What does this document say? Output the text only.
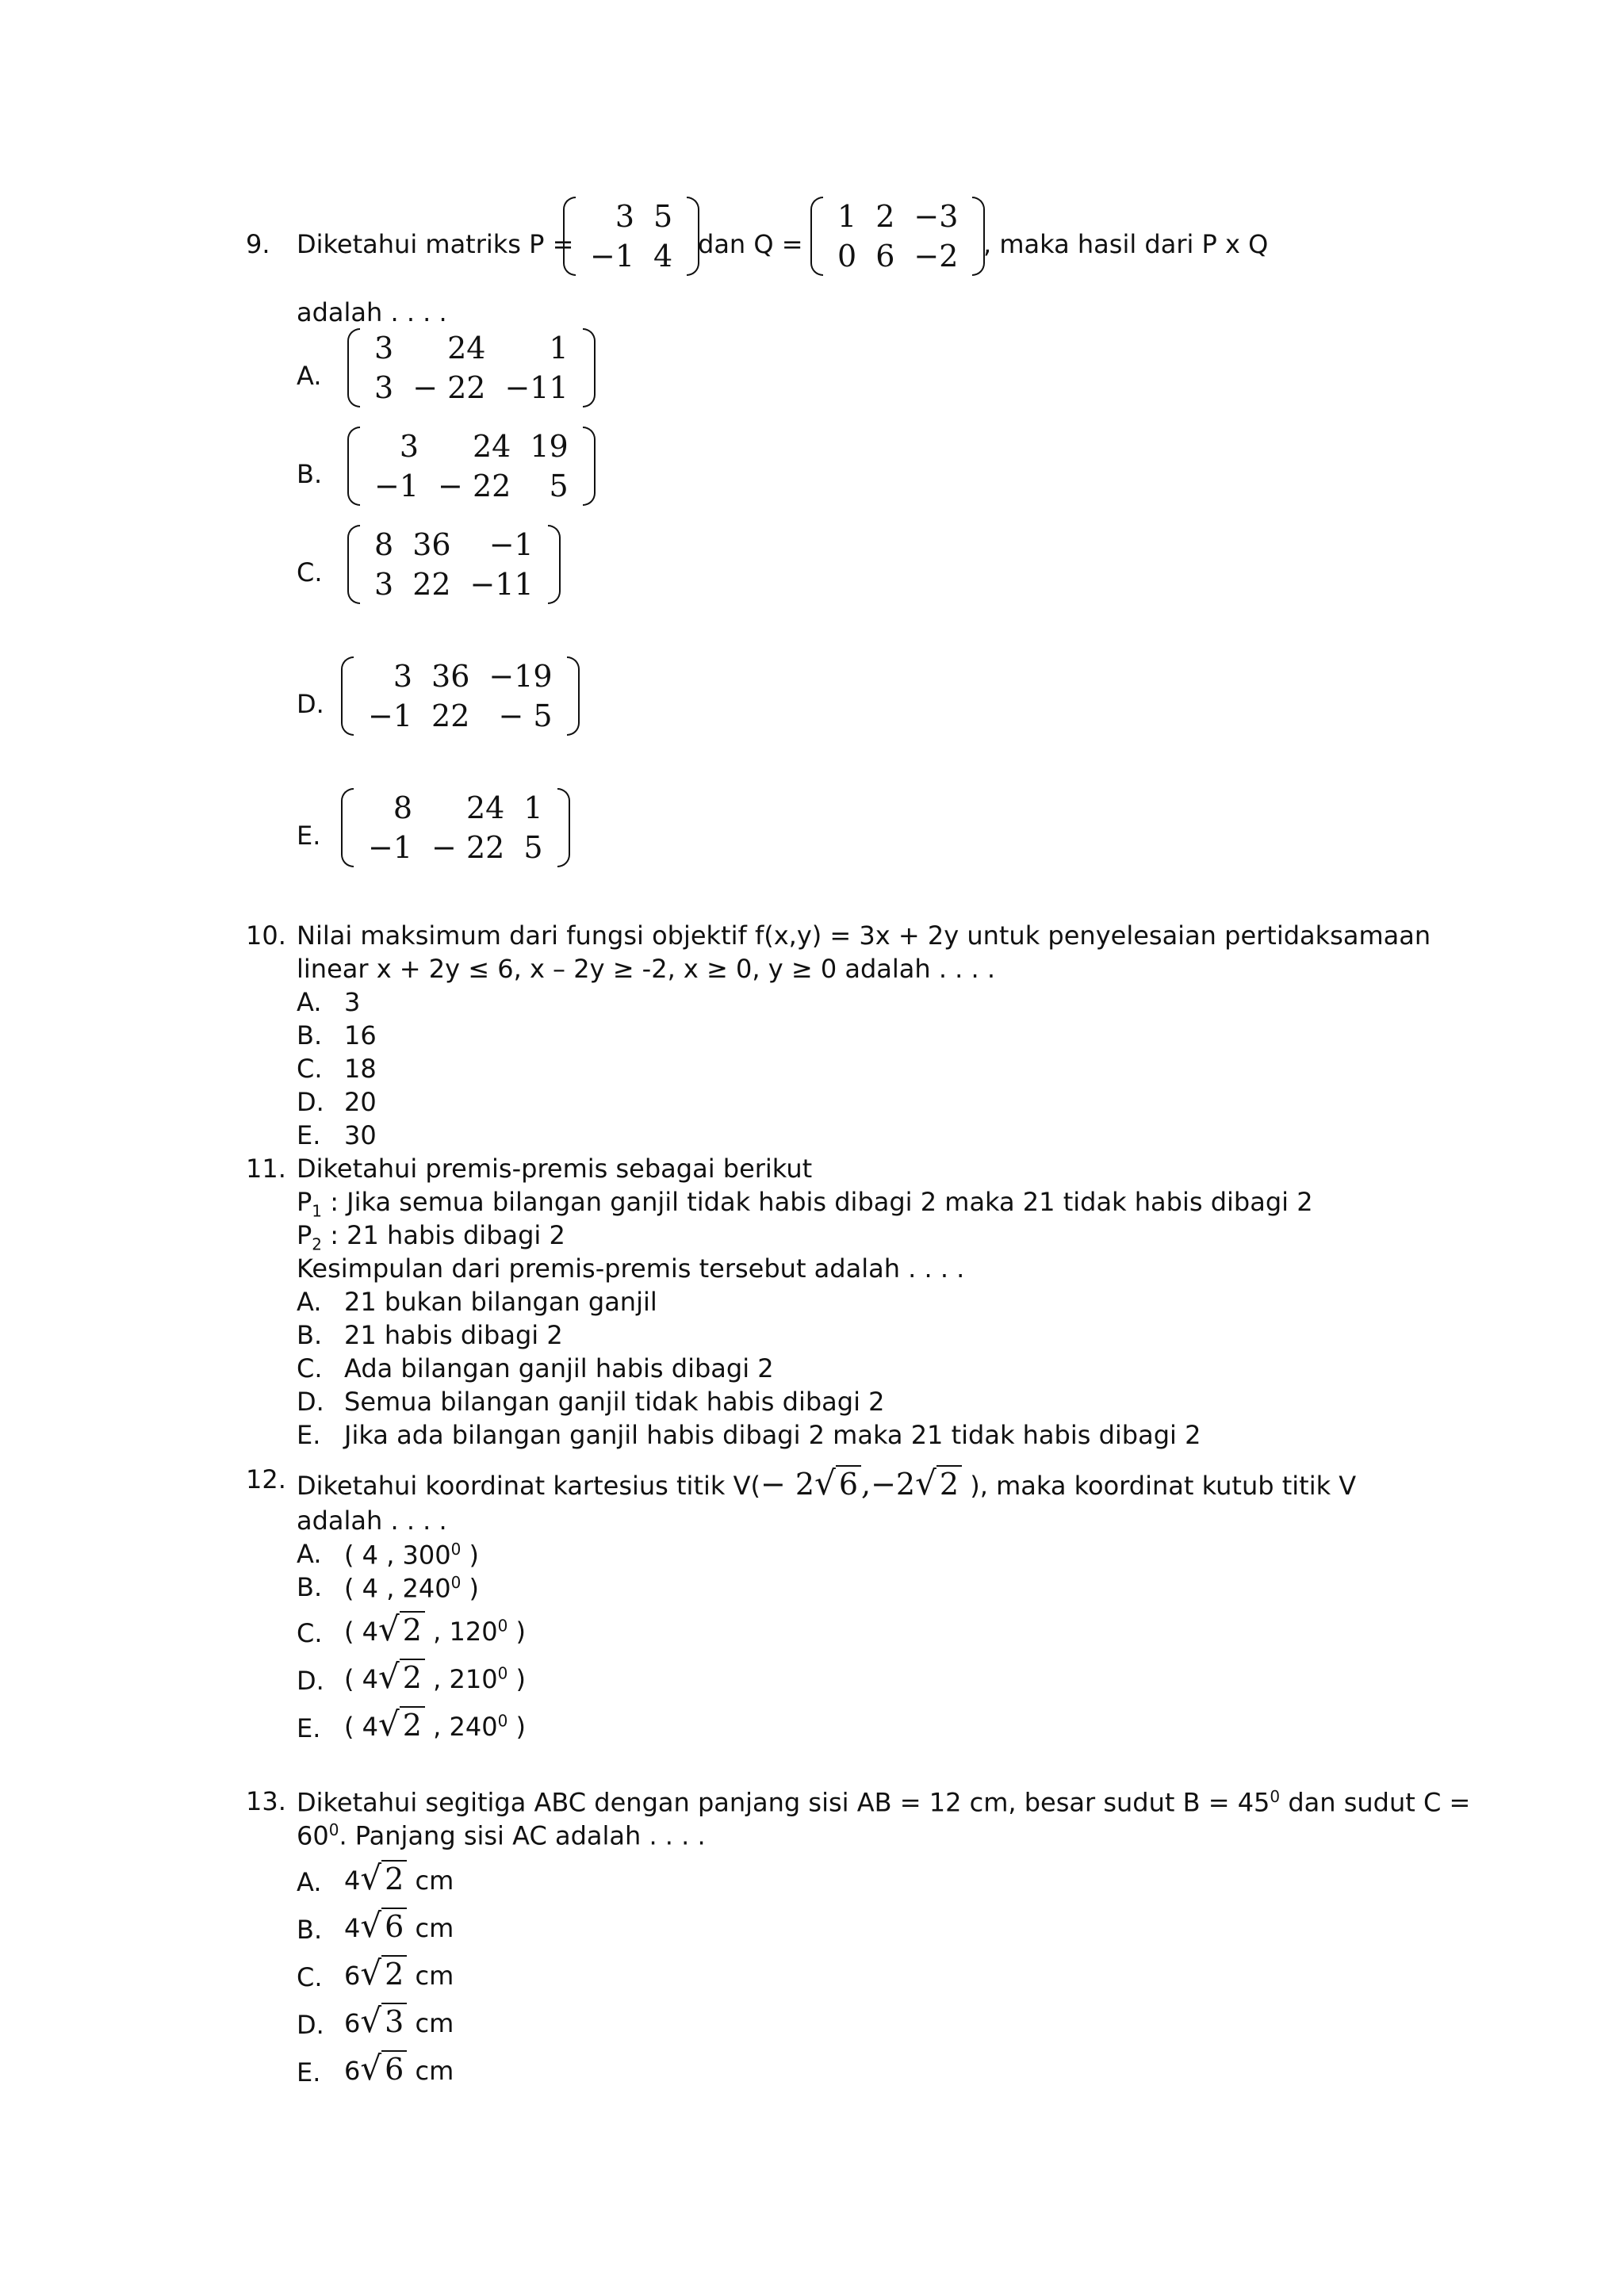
9. Diketahui matriks P =
3	5
−1	4 dan Q =
1	2	−3
0	6	−2 , maka hasil dari P x Q
adalah . . . .
A.
3	24	1
3	− 22	−11
B.
3	24	19
−1	− 22	5
C.
8	36	−1
3	22	−11
D.
3	36	−19
−1	22	− 5
E.
8	24	1
−1	− 22	5
10. Nilai maksimum dari fungsi objektif f(x,y) = 3x + 2y untuk penyelesaian pertidaksamaan
linear x + 2y ≤ 6, x – 2y ≥ -2, x ≥ 0, y ≥ 0 adalah . . . .
A. 3
B. 16
C. 18
D. 20
E. 30
11. Diketahui premis-premis sebagai berikut
$P_1$ : Jika semua bilangan ganjil tidak habis dibagi 2 maka 21 tidak habis dibagi 2
$P_2$ : 21 habis dibagi 2
Kesimpulan dari premis-premis tersebut adalah . . . .
A. 21 bukan bilangan ganjil
B. 21 habis dibagi 2
C. Ada bilangan ganjil habis dibagi 2
D. Semua bilangan ganjil tidak habis dibagi 2
E. Jika ada bilangan ganjil habis dibagi 2 maka 21 tidak habis dibagi 2
12. Diketahui koordinat kartesius titik V(− 2√ 6 ,−2√ 2 ), maka koordinat kutub titik V
adalah . . . .
A. ( 4 , $300^0$ )
B. ( 4 , $240^0$ )
C. ( 4√ 2 , $120^0$ )
D. ( 4√ 2 , $210^0$ )
E. ( 4√ 2 , $240^0$ )
13. Diketahui segitiga ABC dengan panjang sisi AB = 12 cm, besar sudut $B = 45^0$ dan sudut C =
$60^0$. Panjang sisi AC adalah . . . .
A. 4√ 2 cm
B. 4√ 6 cm
C. 6√ 2 cm
D. 6√ 3 cm
E. 6√ 6 cm
